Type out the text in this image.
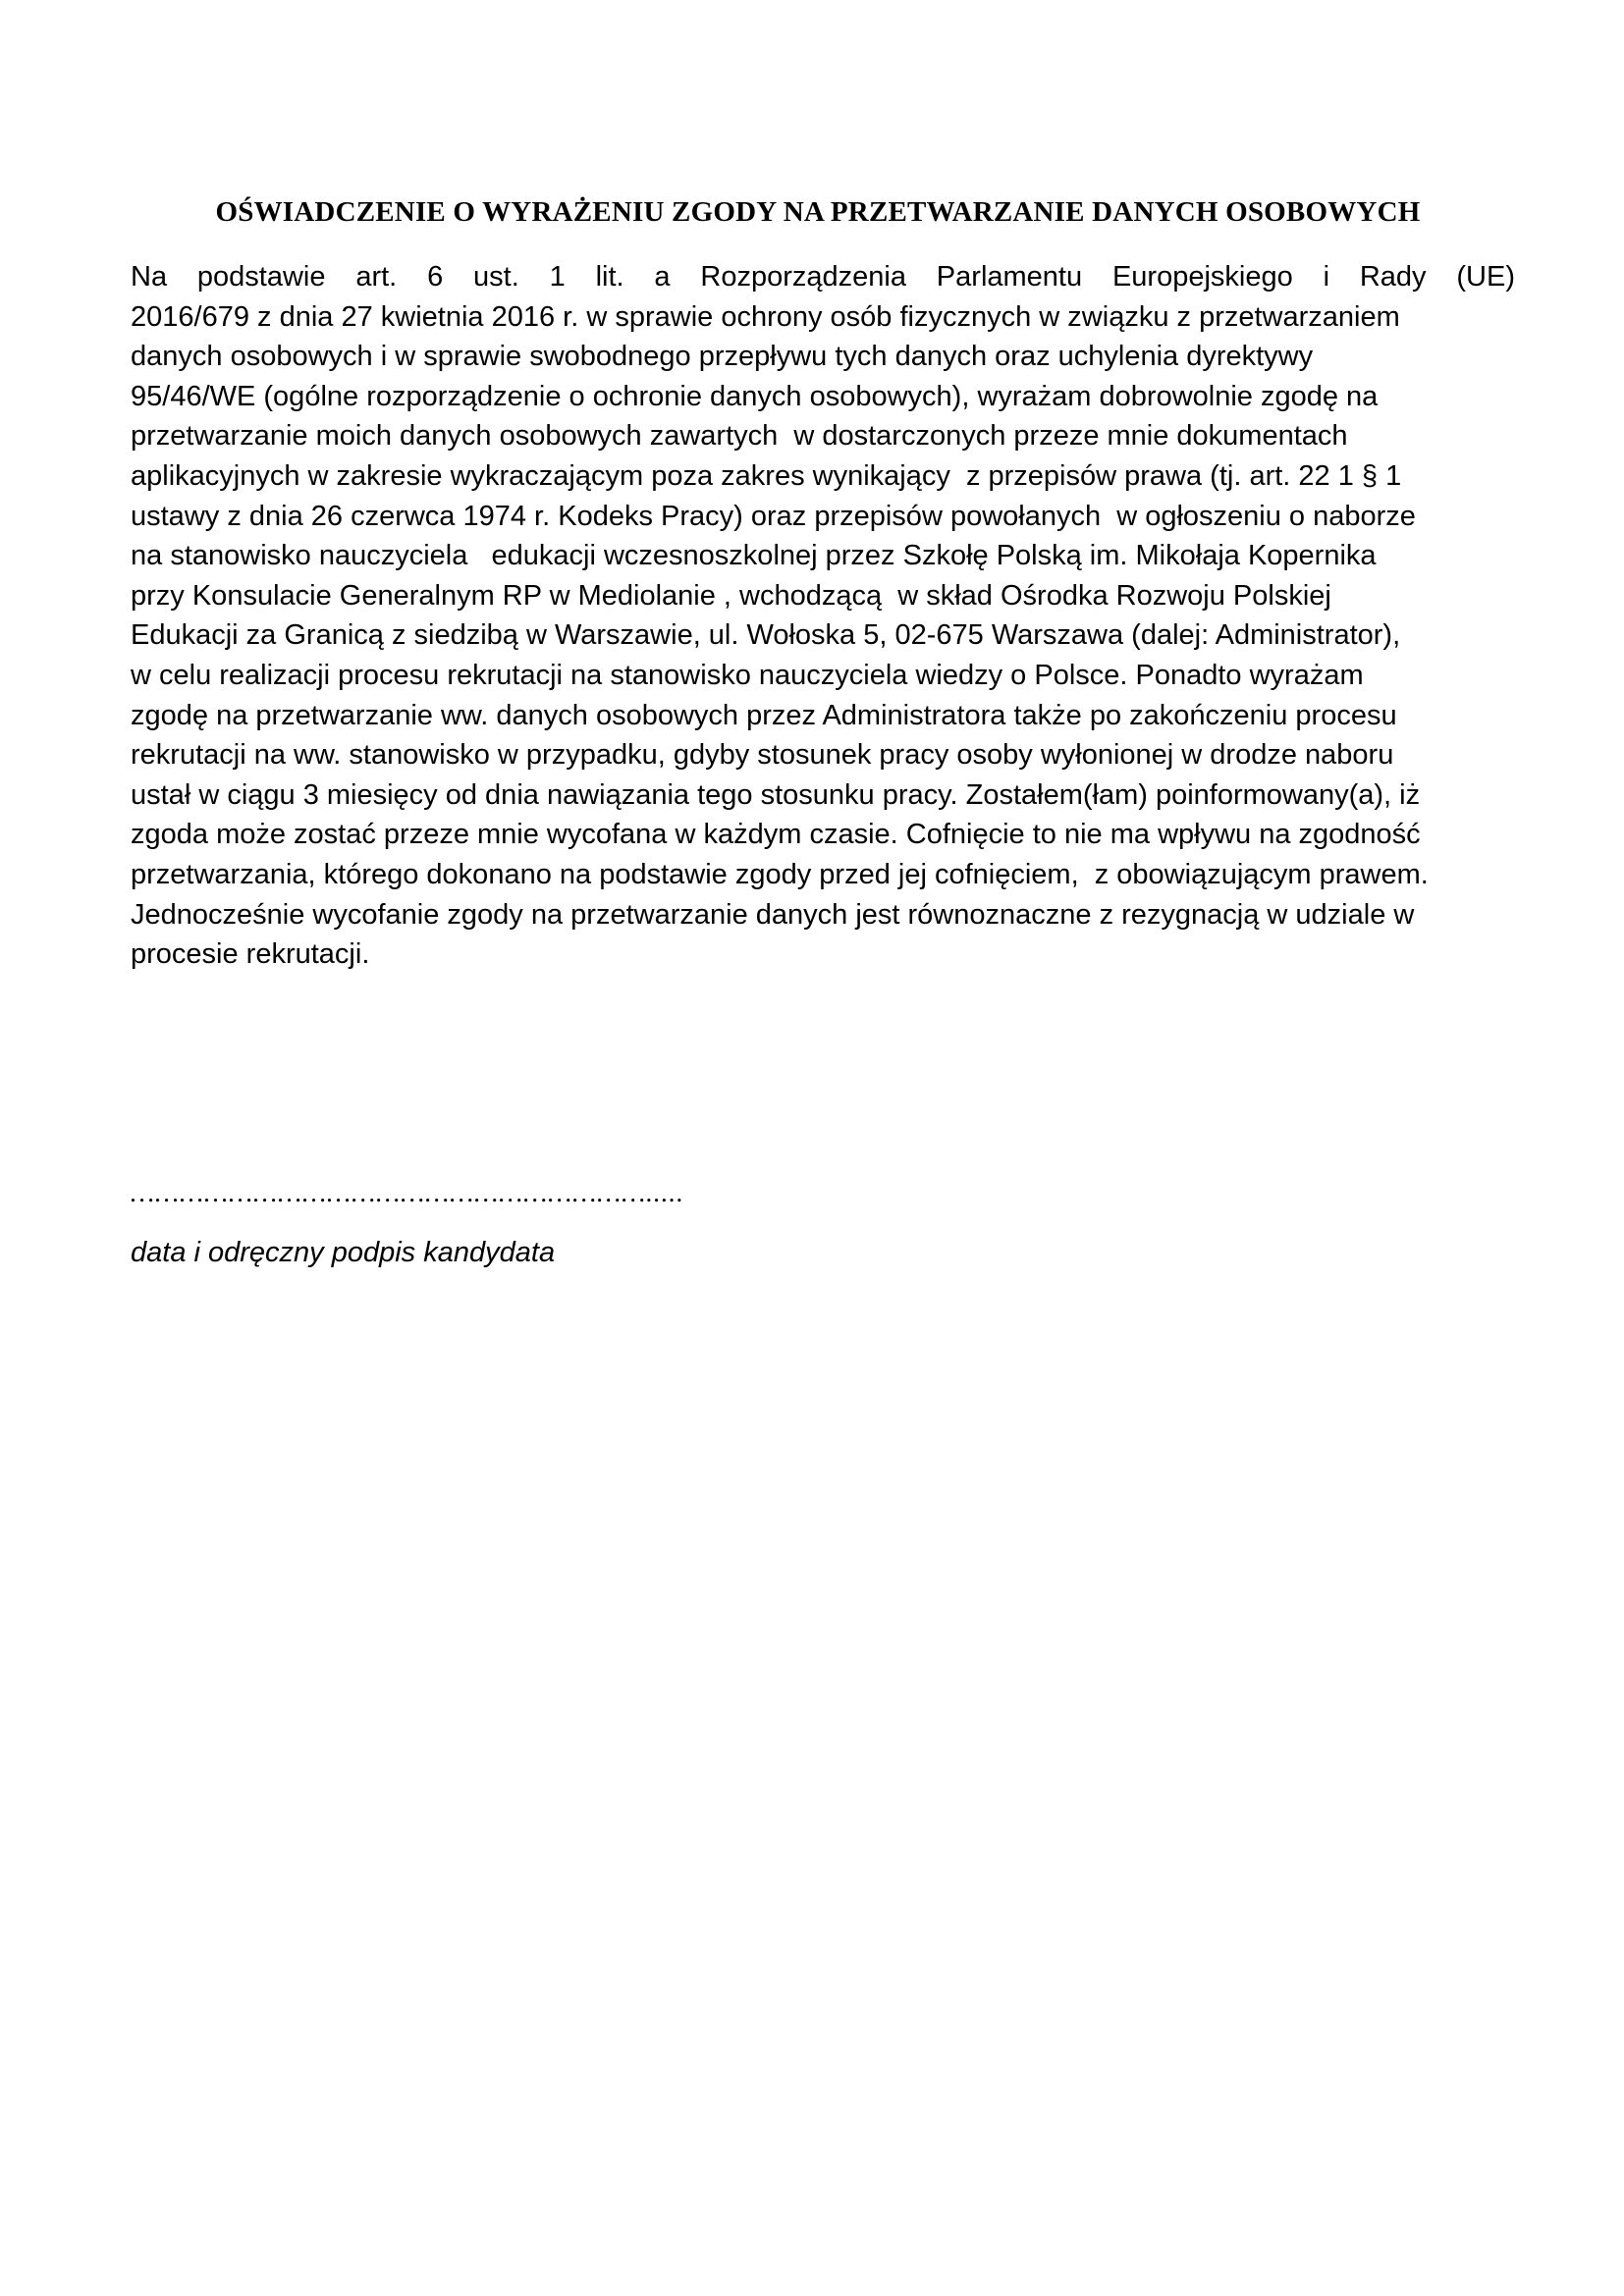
OŚWIADCZENIE O WYRAŻENIU ZGODY NA PRZETWARZANIE DANYCH OSOBOWYCH
Na podstawie art. 6 ust. 1 lit. a Rozporządzenia Parlamentu Europejskiego i Rady (UE)
2016/679 z dnia 27 kwietnia 2016 r. w sprawie ochrony osób fizycznych w związku z przetwarzaniem
danych osobowych i w sprawie swobodnego przepływu tych danych oraz uchylenia dyrektywy
95/46/WE (ogólne rozporządzenie o ochronie danych osobowych), wyrażam dobrowolnie zgodę na
przetwarzanie moich danych osobowych zawartych  w dostarczonych przeze mnie dokumentach
aplikacyjnych w zakresie wykraczającym poza zakres wynikający  z przepisów prawa (tj. art. 22 1 § 1
ustawy z dnia 26 czerwca 1974 r. Kodeks Pracy) oraz przepisów powołanych  w ogłoszeniu o naborze
na stanowisko nauczyciela   edukacji wczesnoszkolnej przez Szkołę Polską im. Mikołaja Kopernika
przy Konsulacie Generalnym RP w Mediolanie , wchodzącą  w skład Ośrodka Rozwoju Polskiej
Edukacji za Granicą z siedzibą w Warszawie, ul. Wołoska 5, 02-675 Warszawa (dalej: Administrator),
w celu realizacji procesu rekrutacji na stanowisko nauczyciela wiedzy o Polsce. Ponadto wyrażam
zgodę na przetwarzanie ww. danych osobowych przez Administratora także po zakończeniu procesu
rekrutacji na ww. stanowisko w przypadku, gdyby stosunek pracy osoby wyłonionej w drodze naboru
ustał w ciągu 3 miesięcy od dnia nawiązania tego stosunku pracy. Zostałem(łam) poinformowany(a), iż
zgoda może zostać przeze mnie wycofana w każdym czasie. Cofnięcie to nie ma wpływu na zgodność
przetwarzania, którego dokonano na podstawie zgody przed jej cofnięciem,  z obowiązującym prawem.
Jednocześnie wycofanie zgody na przetwarzanie danych jest równoznaczne z rezygnacją w udziale w
procesie rekrutacji.
……………………………………………………….....
data i odręczny podpis kandydata
